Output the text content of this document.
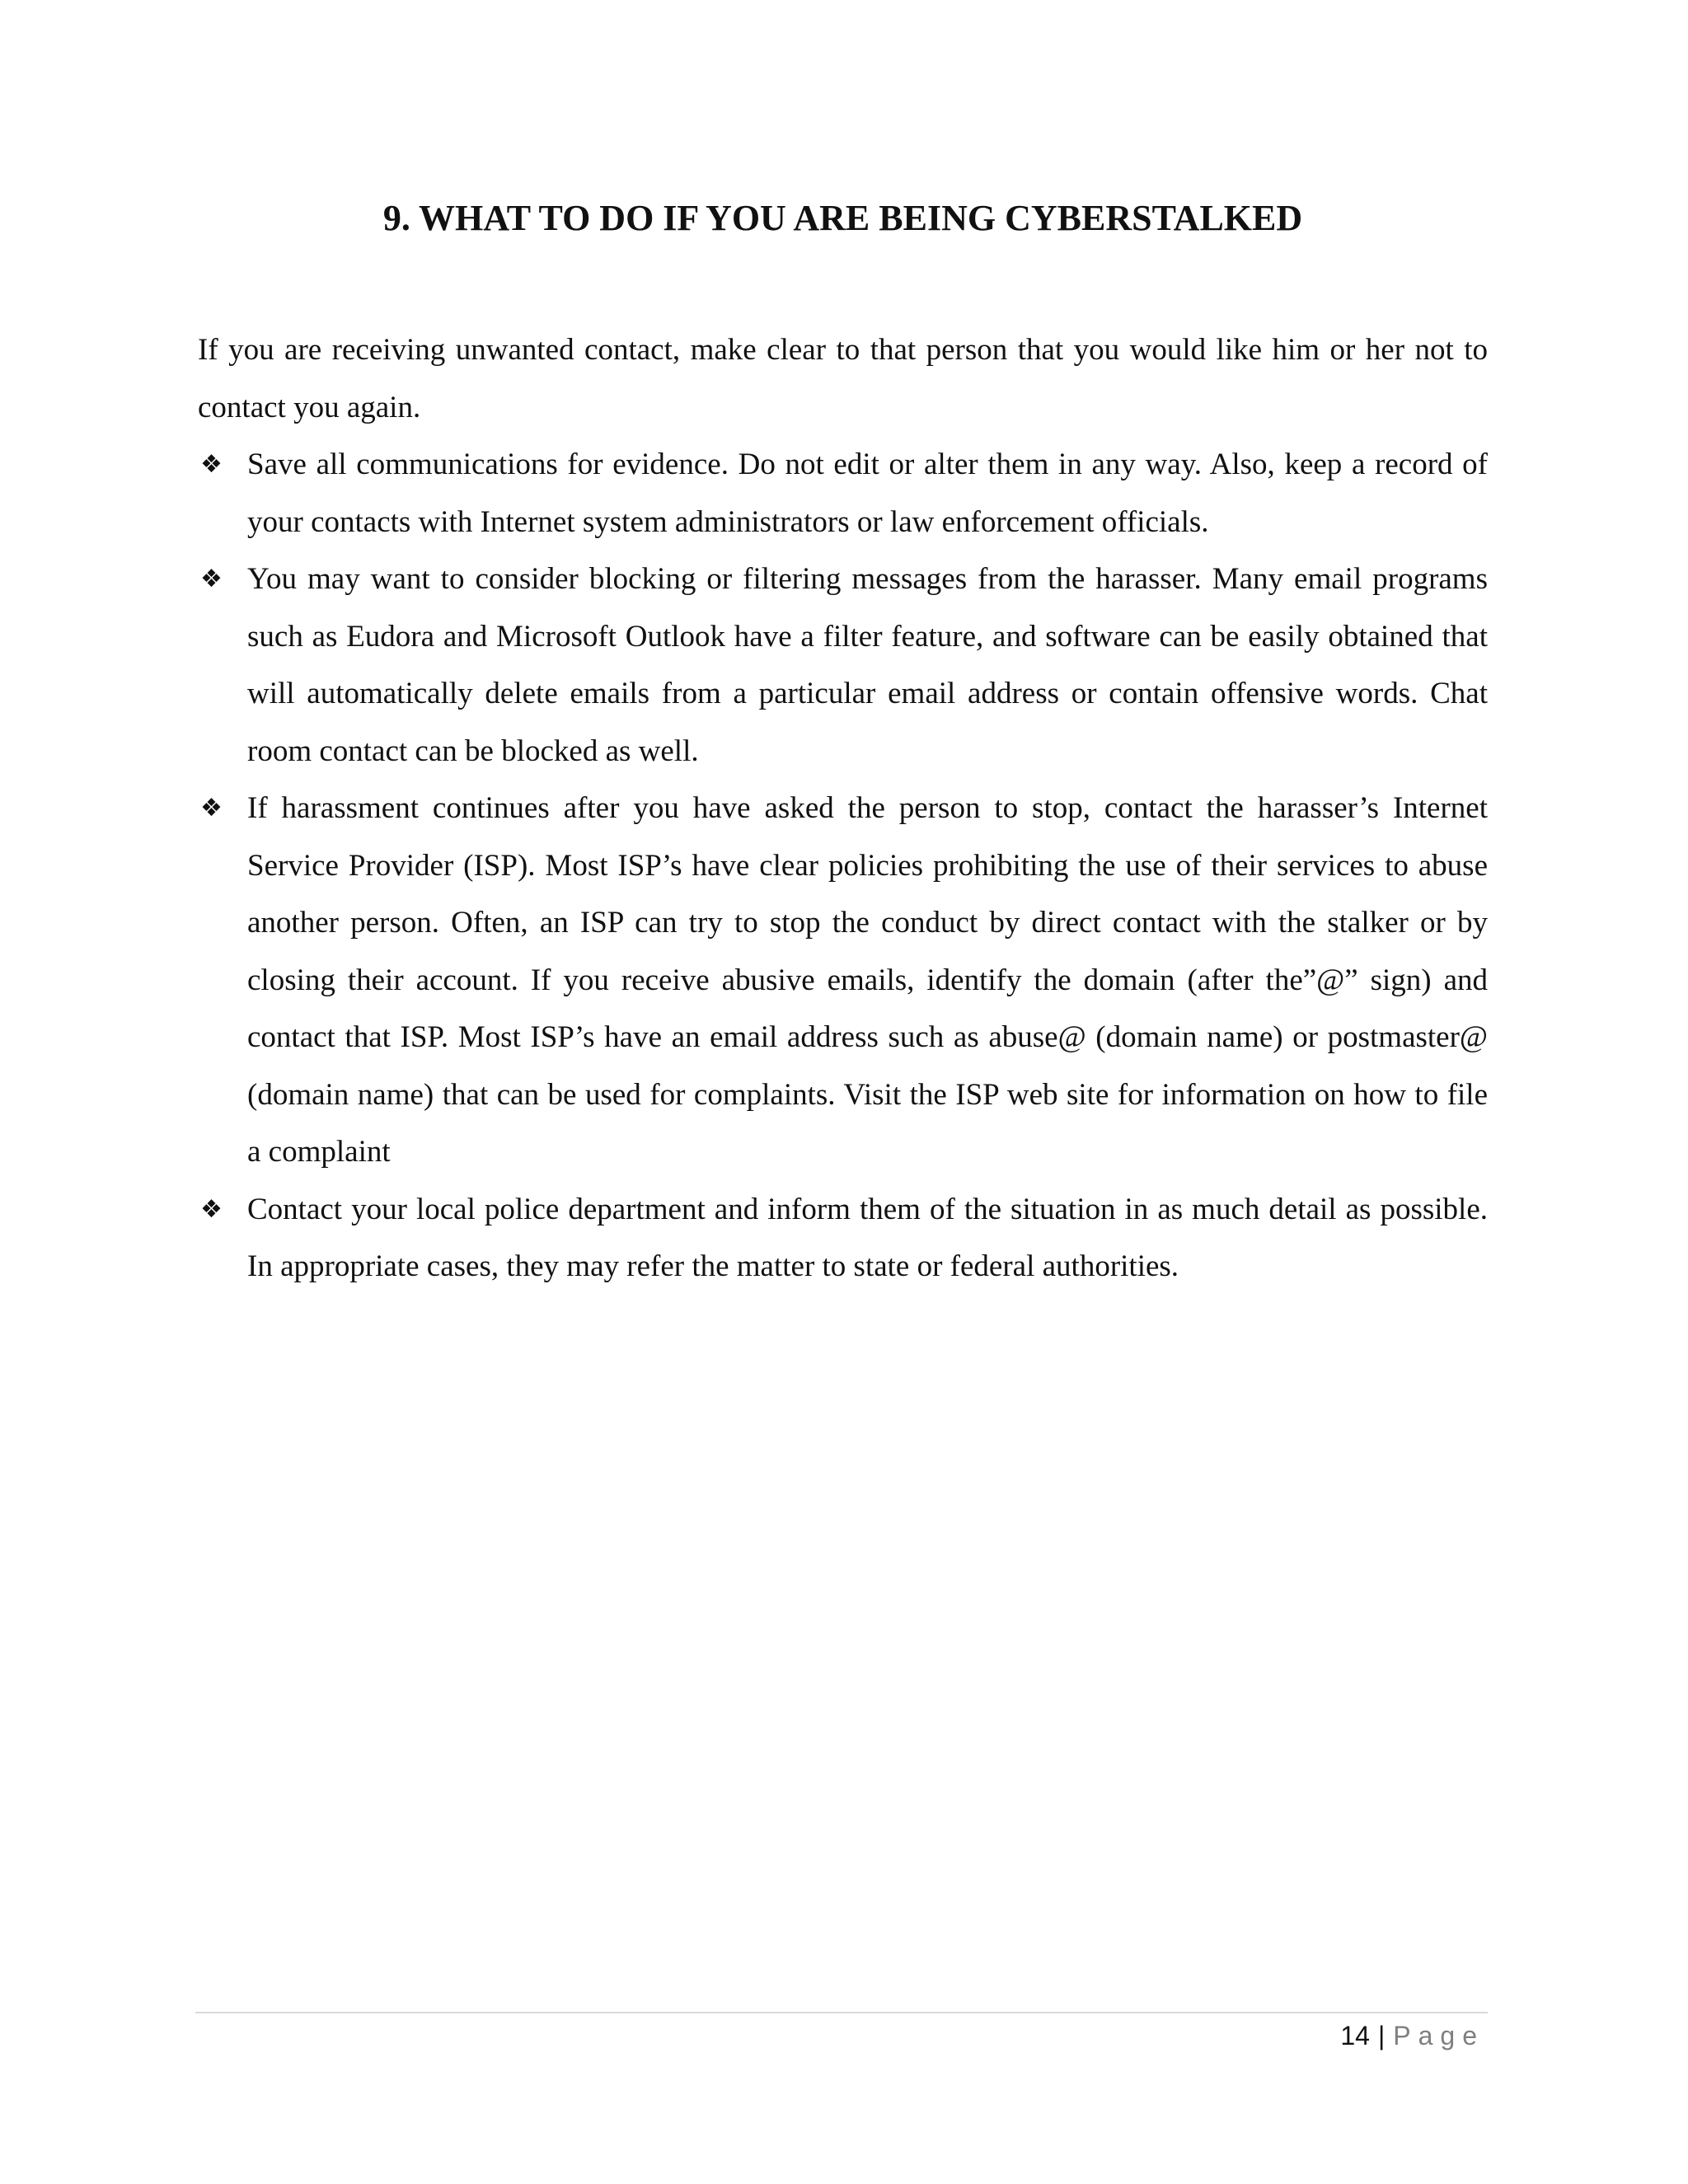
9. WHAT TO DO IF YOU ARE BEING CYBERSTALKED

If you are receiving unwanted contact, make clear to that person that you would like him or her not to contact you again.

❖ Save all communications for evidence. Do not edit or alter them in any way. Also, keep a record of your contacts with Internet system administrators or law enforcement officials.
❖ You may want to consider blocking or filtering messages from the harasser. Many email programs such as Eudora and Microsoft Outlook have a filter feature, and software can be easily obtained that will automatically delete emails from a particular email address or contain offensive words. Chat room contact can be blocked as well.
❖ If harassment continues after you have asked the person to stop, contact the harasser’s Internet Service Provider (ISP). Most ISP’s have clear policies prohibiting the use of their services to abuse another person. Often, an ISP can try to stop the conduct by direct contact with the stalker or by closing their account. If you receive abusive emails, identify the domain (after the”@” sign) and contact that ISP. Most ISP’s have an email address such as abuse@ (domain name) or postmaster@ (domain name) that can be used for complaints. Visit the ISP web site for information on how to file a complaint
❖ Contact your local police department and inform them of the situation in as much detail as possible. In appropriate cases, they may refer the matter to state or federal authorities.
14 | Page
